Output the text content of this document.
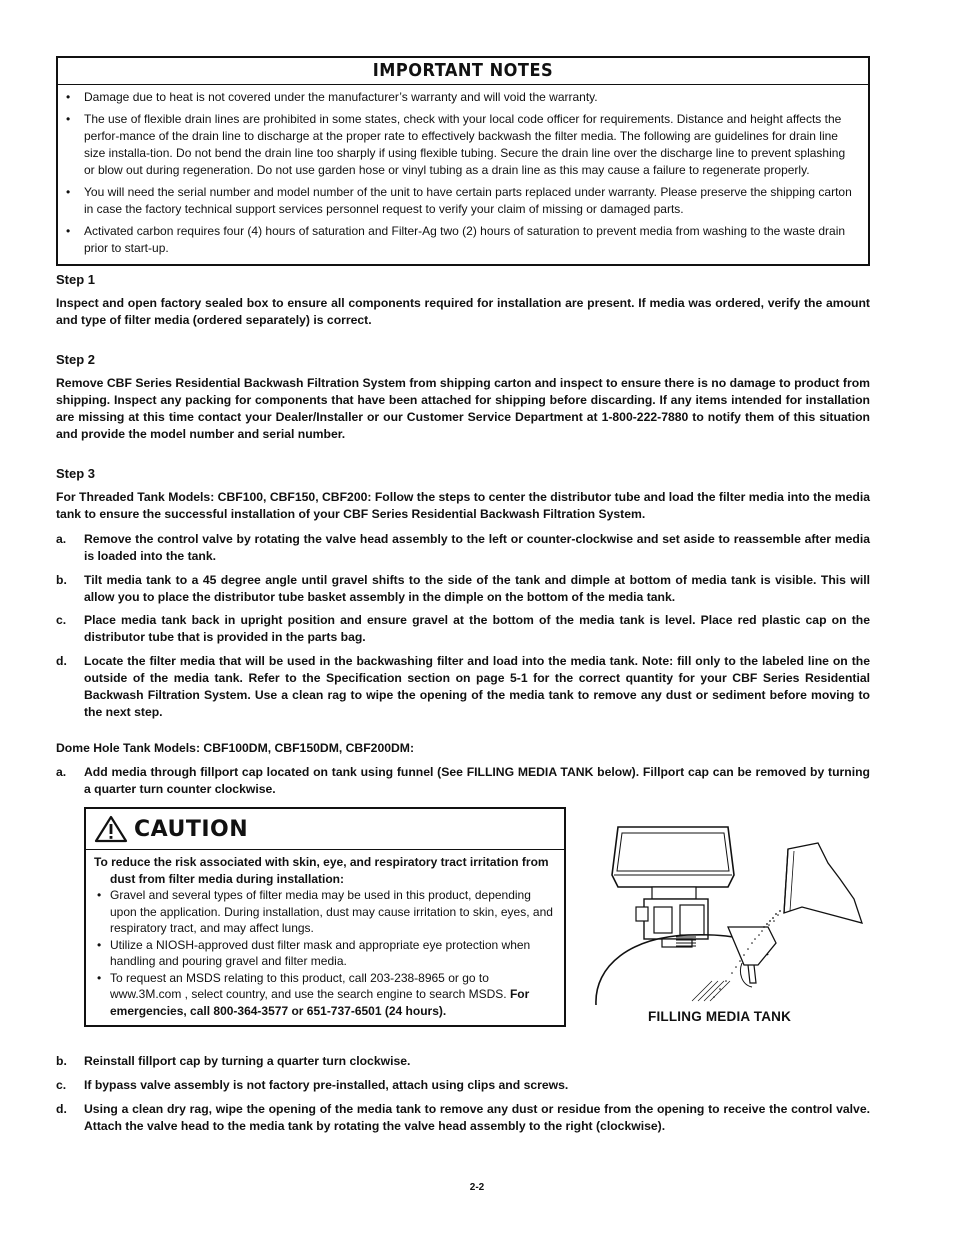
IMPORTANT NOTES
• Damage due to heat is not covered under the manufacturer’s warranty and will void the warranty.
• The use of flexible drain lines are prohibited in some states, check with your local code officer for requirements. Distance and height affects the perfor-mance of the drain line to discharge at the proper rate to effectively backwash the filter media. The following are guidelines for drain line size installa-tion. Do not bend the drain line too sharply if using flexible tubing. Secure the drain line over the discharge line to prevent splashing or blow out during regeneration. Do not use garden hose or vinyl tubing as a drain line as this may cause a failure to regenerate properly.
• You will need the serial number and model number of the unit to have certain parts replaced under warranty. Please preserve the shipping carton in case the factory technical support services personnel request to verify your claim of missing or damaged parts.
• Activated carbon requires four (4) hours of saturation and Filter-Ag two (2) hours of saturation to prevent media from washing to the waste drain prior to start-up.

Step 1

Inspect and open factory sealed box to ensure all components required for installation are present. If media was ordered, verify the amount and type of filter media (ordered separately) is correct.

Step 2

Remove CBF Series Residential Backwash Filtration System from shipping carton and inspect to ensure there is no damage to product from shipping. Inspect any packing for components that have been attached for shipping before discarding. If any items intended for installation are missing at this time contact your Dealer/Installer or our Customer Service Department at 1-800-222-7880 to notify them of this situation and provide the model number and serial number.

Step 3

For Threaded Tank Models: CBF100, CBF150, CBF200: Follow the steps to center the distributor tube and load the filter media into the media tank to ensure the successful installation of your CBF Series Residential Backwash Filtration System.

a. Remove the control valve by rotating the valve head assembly to the left or counter-clockwise and set aside to reassemble after media is loaded into the tank.
b. Tilt media tank to a 45 degree angle until gravel shifts to the side of the tank and dimple at bottom of media tank is visible. This will allow you to place the distributor tube basket assembly in the dimple on the bottom of the media tank.
c. Place media tank back in upright position and ensure gravel at the bottom of the media tank is level. Place red plastic cap on the distributor tube that is provided in the parts bag.
d. Locate the filter media that will be used in the backwashing filter and load into the media tank. Note: fill only to the labeled line on the outside of the media tank. Refer to the Specification section on page 5-1 for the correct quantity for your CBF Series Residential Backwash Filtration System. Use a clean rag to wipe the opening of the media tank to remove any dust or sediment before moving to the next step.

Dome Hole Tank Models: CBF100DM, CBF150DM, CBF200DM:

a. Add media through fillport cap located on tank using funnel (See FILLING MEDIA TANK below). Fillport cap can be removed by turning a quarter turn counter clockwise.
CAUTION

To reduce the risk associated with skin, eye, and respiratory tract irritation from
dust from filter media during installation:

• Gravel and several types of filter media may be used in this product, depending upon the application. During installation, dust may cause irritation to skin, eyes, and respiratory tract, and may affect lungs.
• Utilize a NIOSH-approved dust filter mask and appropriate eye protection when handling and pouring gravel and filter media.
• To request an MSDS relating to this product, call 203-238-8965 or go to www.3M.com , select country, and use the search engine to search MSDS. For emergencies, call 800-364-3577 or 651-737-6501 (24 hours).	FILLING MEDIA TANK
b. Reinstall fillport cap by turning a quarter turn clockwise.
c. If bypass valve assembly is not factory pre-installed, attach using clips and screws.
d. Using a clean dry rag, wipe the opening of the media tank to remove any dust or residue from the opening to receive the control valve. Attach the valve head to the media tank by rotating the valve head assembly to the right (clockwise).
2-2
